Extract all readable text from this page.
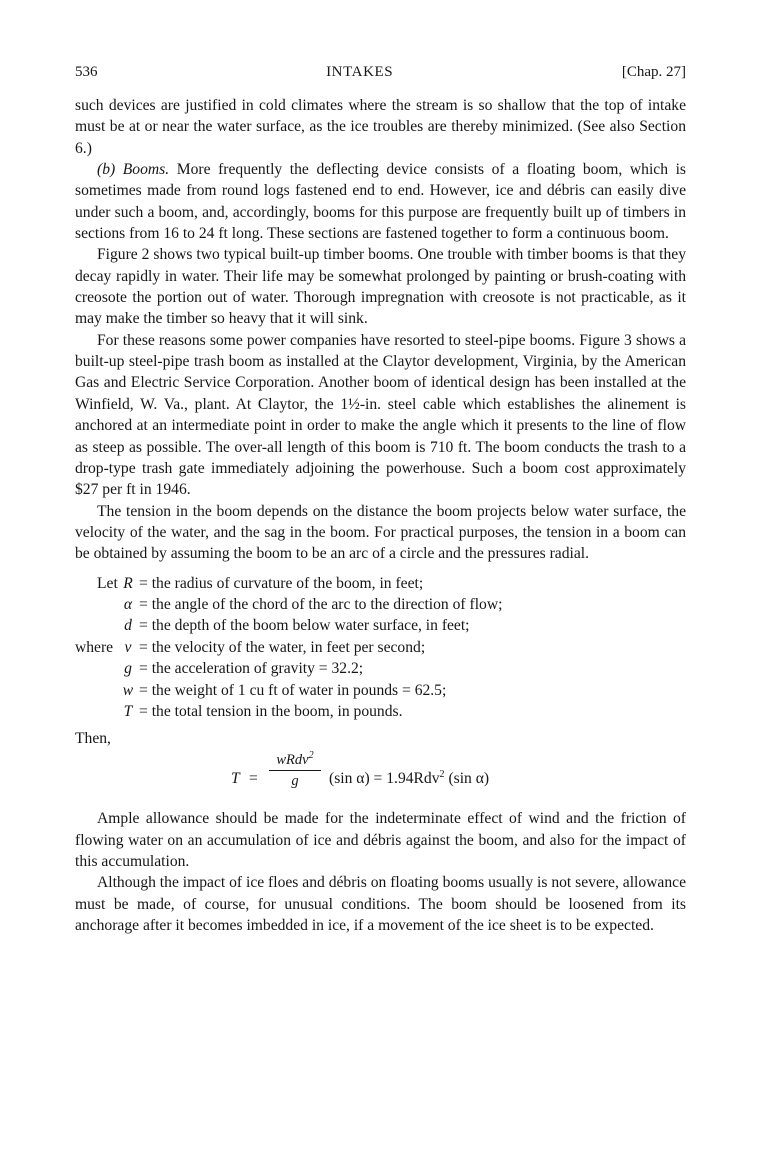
536	INTAKES	[Chap. 27]

such devices are justified in cold climates where the stream is so shallow that the top of intake must be at or near the water surface, as the ice troubles are thereby minimized. (See also Section 6.)

(b) Booms. More frequently the deflecting device consists of a floating boom, which is sometimes made from round logs fastened end to end. However, ice and débris can easily dive under such a boom, and, accordingly, booms for this purpose are frequently built up of timbers in sections from 16 to 24 ft long. These sections are fastened together to form a continuous boom.

Figure 2 shows two typical built-up timber booms. One trouble with timber booms is that they decay rapidly in water. Their life may be somewhat prolonged by painting or brush-coating with creosote the portion out of water. Thorough impregnation with creosote is not practicable, as it may make the timber so heavy that it will sink.

For these reasons some power companies have resorted to steel-pipe booms. Figure 3 shows a built-up steel-pipe trash boom as installed at the Claytor development, Virginia, by the American Gas and Electric Service Corporation. Another boom of identical design has been installed at the Winfield, W. Va., plant. At Claytor, the 1½-in. steel cable which establishes the alinement is anchored at an intermediate point in order to make the angle which it presents to the line of flow as steep as possible. The over-all length of this boom is 710 ft. The boom conducts the trash to a drop-type trash gate immediately adjoining the powerhouse. Such a boom cost approximately $27 per ft in 1946.

The tension in the boom depends on the distance the boom projects below water surface, the velocity of the water, and the sag in the boom. For practical purposes, the tension in a boom can be obtained by assuming the boom to be an arc of a circle and the pressures radial.

Let R = the radius of curvature of the boom, in feet;
α = the angle of the chord of the arc to the direction of flow;
d = the depth of the boom below water surface, in feet;
where v = the velocity of the water, in feet per second;
g = the acceleration of gravity = 32.2;
w = the weight of 1 cu ft of water in pounds = 62.5;
T = the total tension in the boom, in pounds.
Then,
T =
wRdv$^2$
g	(sin α) = 1.94Rdv$^2$ (sin α)

Ample allowance should be made for the indeterminate effect of wind and the friction of flowing water on an accumulation of ice and débris against the boom, and also for the impact of this accumulation.

Although the impact of ice floes and débris on floating booms usually is not severe, allowance must be made, of course, for unusual conditions. The boom should be loosened from its anchorage after it becomes imbedded in ice, if a movement of the ice sheet is to be expected.
